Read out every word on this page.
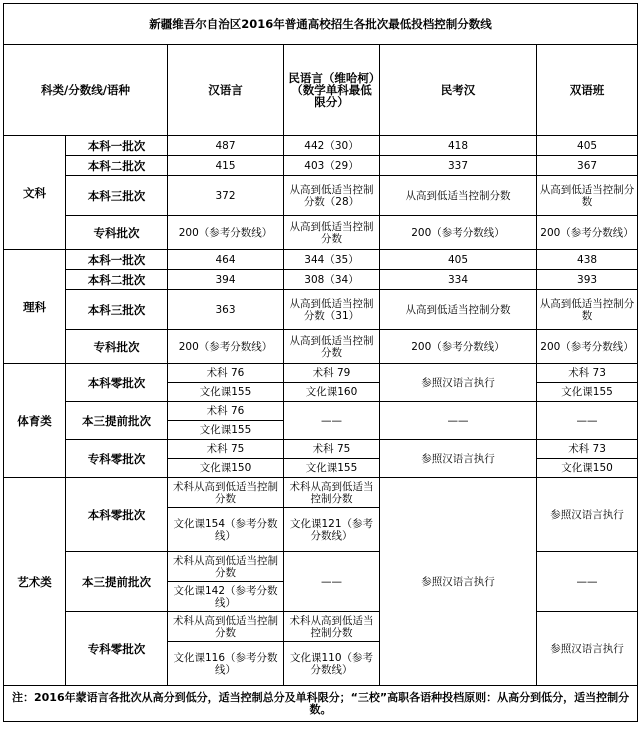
新疆维吾尔自治区2016年普通高校招生各批次最低投档控制分数线					
科类/分数线/语种		汉语言	民语言（维哈柯）（数学单科最低限分）	民考汉	双语班
文科	本科一批次	487	442（30）	418	405
	本科二批次	415	403（29）	337	367
	本科三批次	372	从高到低适当控制分数（28）	从高到低适当控制分数	从高到低适当控制分数
	专科批次	200（参考分数线）	从高到低适当控制分数	200（参考分数线）	200（参考分数线）
理科	本科一批次	464	344（35）	405	438
	本科二批次	394	308（34）	334	393
	本科三批次	363	从高到低适当控制分数（31）	从高到低适当控制分数	从高到低适当控制分数
	专科批次	200（参考分数线）	从高到低适当控制分数	200（参考分数线）	200（参考分数线）
体育类	本科零批次	术科 76	术科 79	参照汉语言执行	术科 73
		文化课155	文化课160		文化课155
	本三提前批次	术科 76	——	——	——
		文化课155			
	专科零批次	术科 75	术科 75	参照汉语言执行	术科 73
		文化课150	文化课155		文化课150
艺术类	本科零批次	术科从高到低适当控制分数	术科从高到低适当控制分数	参照汉语言执行	参照汉语言执行
		文化课154（参考分数线）	文化课121（参考分数线）		
	本三提前批次	术科从高到低适当控制分数	——		——
		文化课142（参考分数线）			
	专科零批次	术科从高到低适当控制分数	术科从高到低适当控制分数		参照汉语言执行
		文化课116（参考分数线）	文化课110（参考分数线）		
注：2016年蒙语言各批次从高分到低分，适当控制总分及单科限分；“三校”高职各语种投档原则：从高分到低分，适当控制分数。					
